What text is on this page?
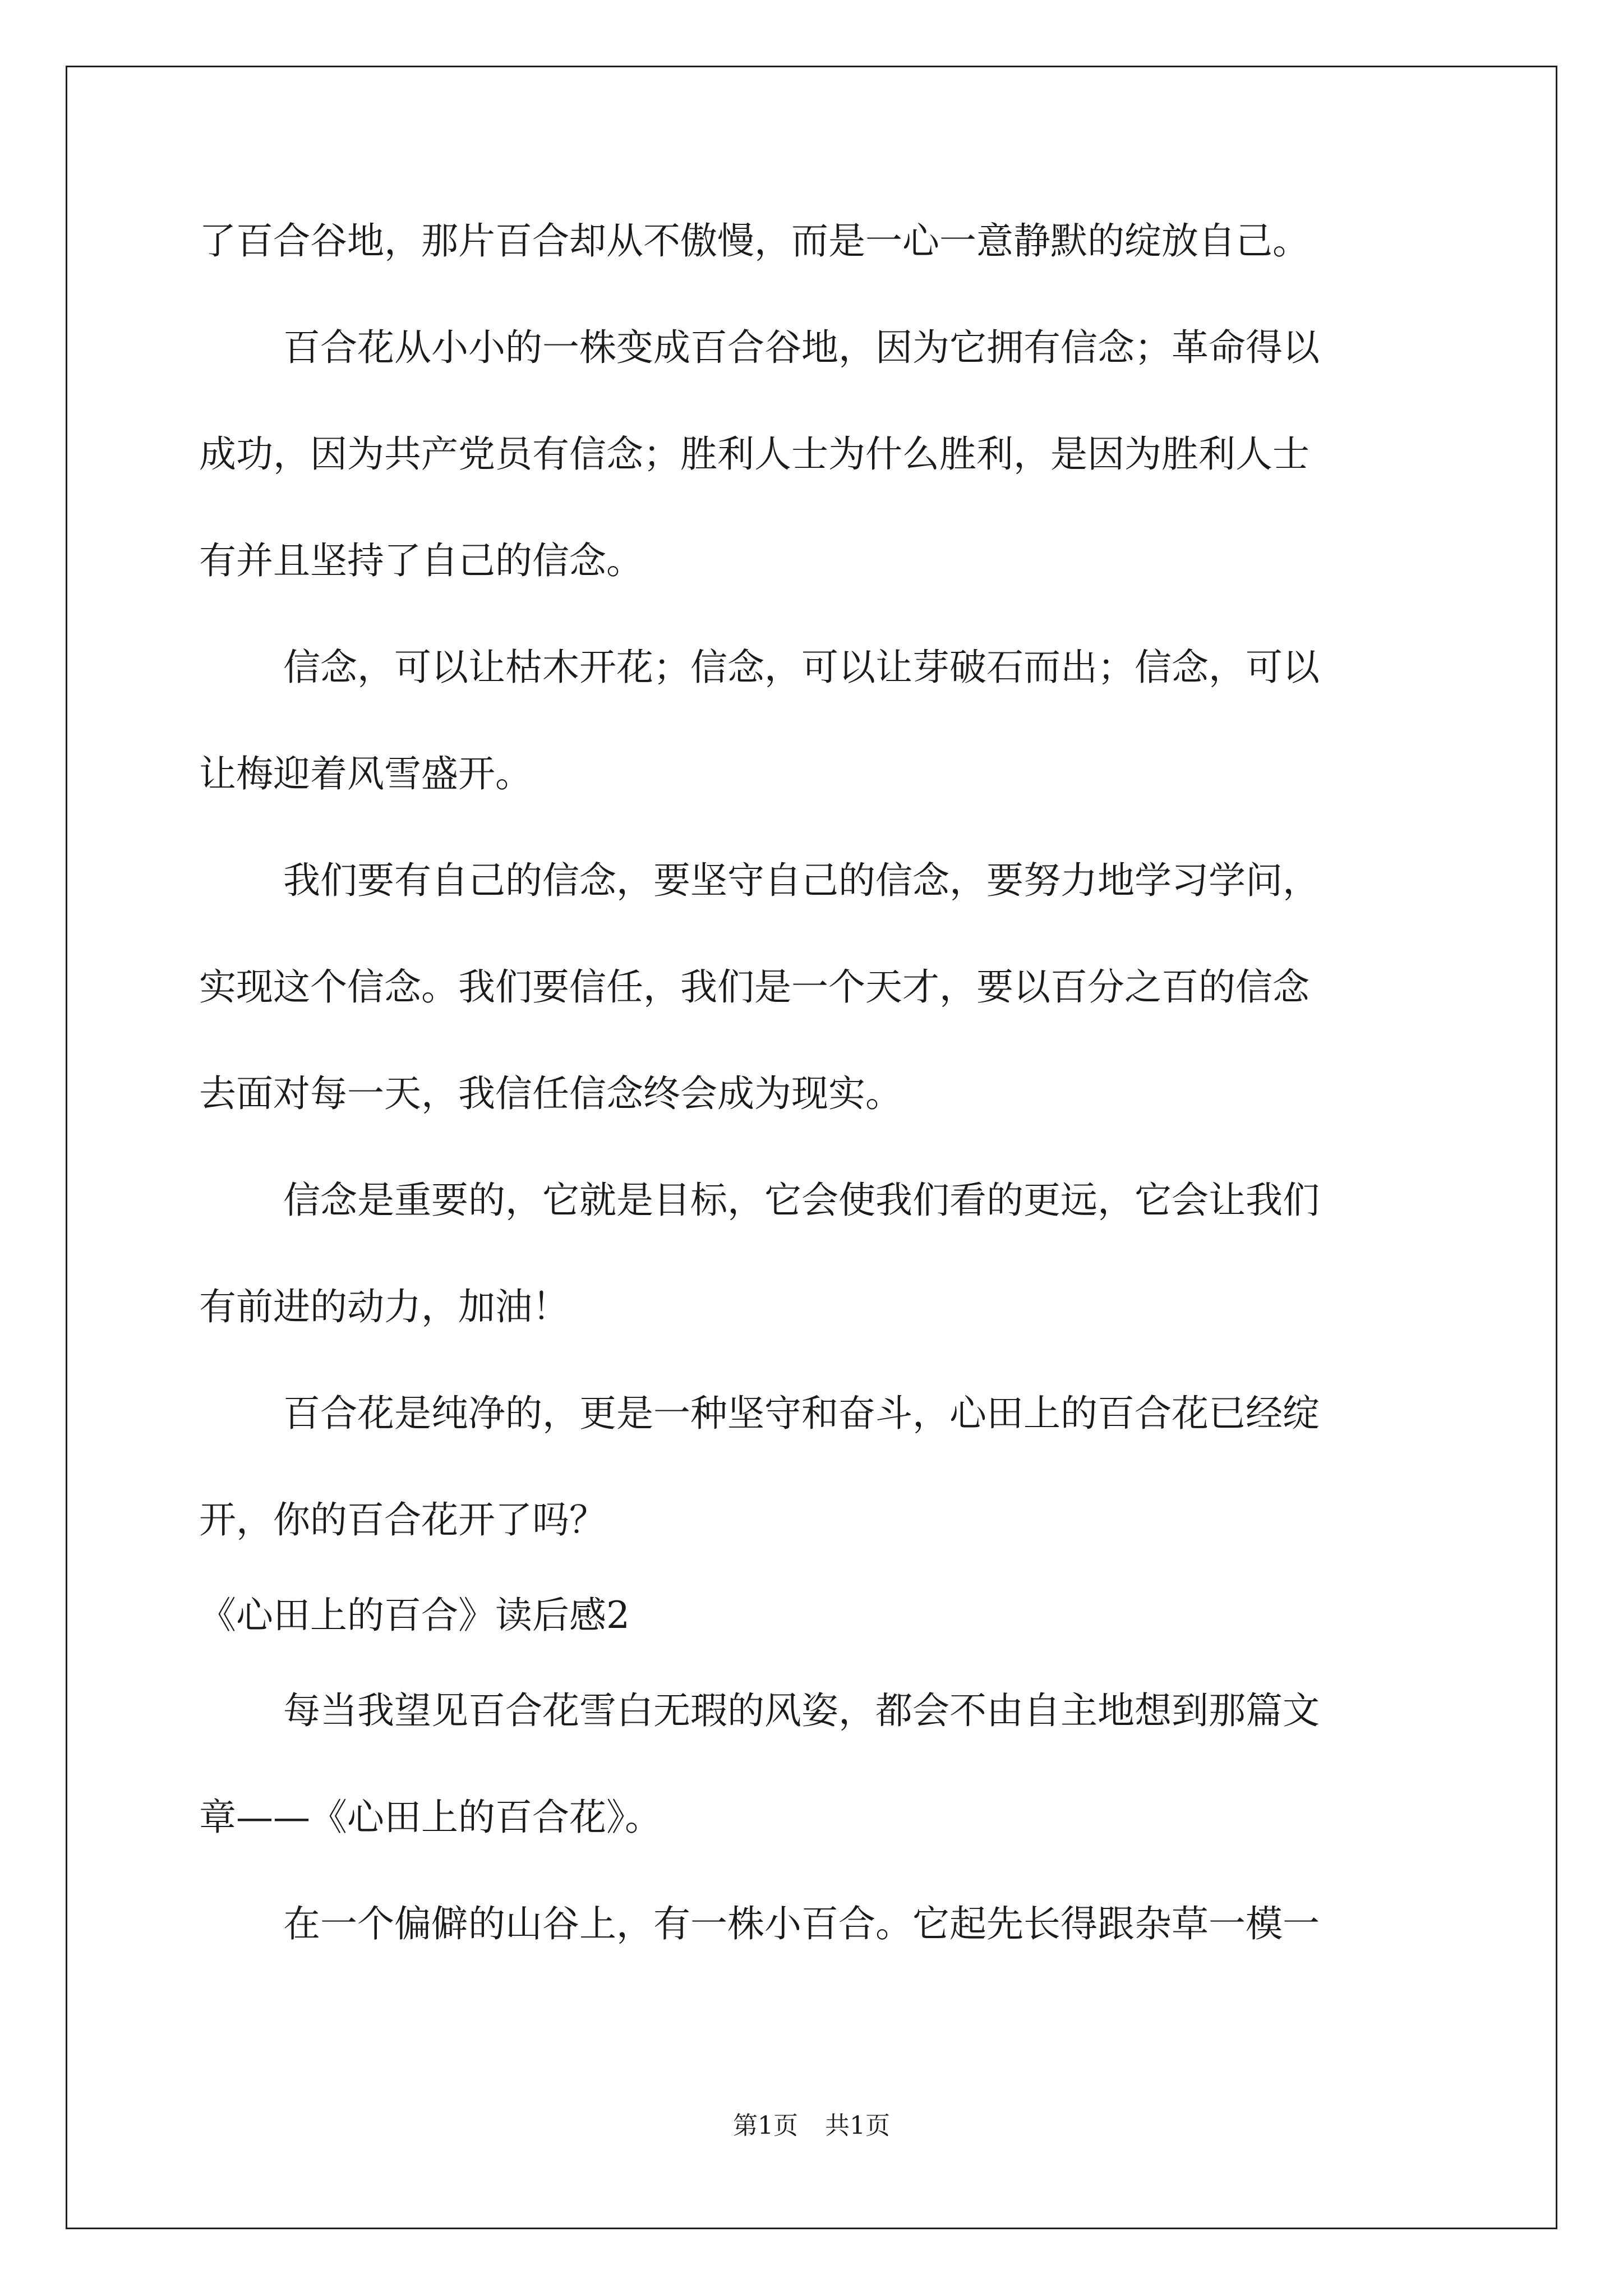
了百合谷地，那片百合却从不傲慢，而是一心一意静默的绽放自己。
百合花从小小的一株变成百合谷地，因为它拥有信念；革命得以
成功，因为共产党员有信念；胜利人士为什么胜利，是因为胜利人士
有并且坚持了自己的信念。
信念，可以让枯木开花；信念，可以让芽破石而出；信念，可以
让梅迎着风雪盛开。
我们要有自己的信念，要坚守自己的信念，要努力地学习学问，
实现这个信念。我们要信任，我们是一个天才，要以百分之百的信念
去面对每一天，我信任信念终会成为现实。
信念是重要的，它就是目标，它会使我们看的更远，它会让我们
有前进的动力，加油！
百合花是纯净的，更是一种坚守和奋斗，心田上的百合花已经绽
开，你的百合花开了吗？
《心田上的百合》读后感2
每当我望见百合花雪白无瑕的风姿，都会不由自主地想到那篇文
章——《心田上的百合花》。
在一个偏僻的山谷上，有一株小百合。它起先长得跟杂草一模一
第1页 共1页
